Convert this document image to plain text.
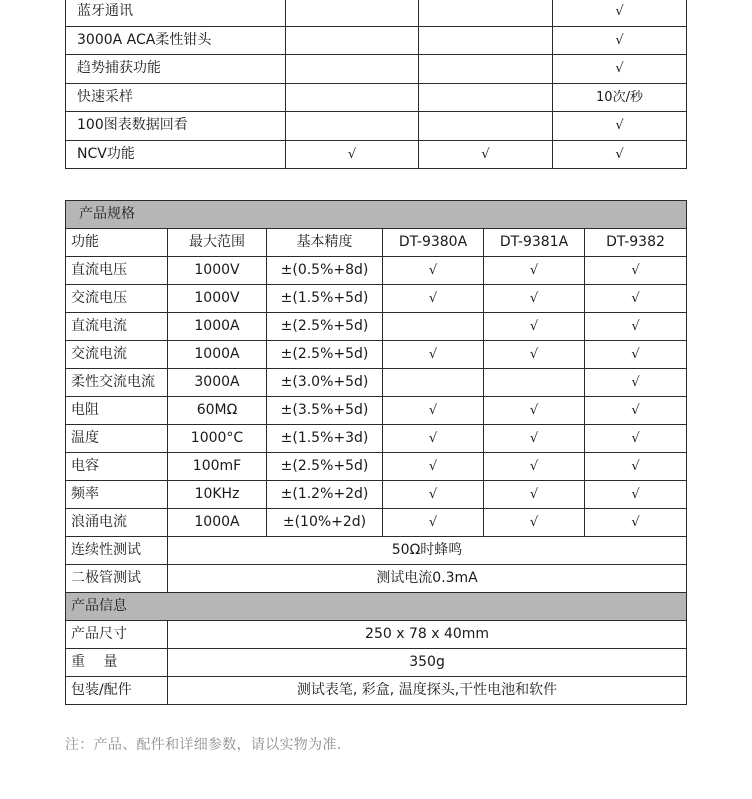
蓝牙通讯			√
3000A ACA柔性钳头			√
趋势捕获功能			√
快速采样			10次/秒
100图表数据回看			√
NCV功能	√	√	√
产品规格					
功能	最大范围	基本精度	DT-9380A	DT-9381A	DT-9382
直流电压	1000V	±(0.5%+8d)	√	√	√
交流电压	1000V	±(1.5%+5d)	√	√	√
直流电流	1000A	±(2.5%+5d)		√	√
交流电流	1000A	±(2.5%+5d)	√	√	√
柔性交流电流	3000A	±(3.0%+5d)			√
电阻	60MΩ	±(3.5%+5d)	√	√	√
温度	1000°C	±(1.5%+3d)	√	√	√
电容	100mF	±(2.5%+5d)	√	√	√
频率	10KHz	±(1.2%+2d)	√	√	√
浪涌电流	1000A	±(10%+2d)	√	√	√
连续性测试	50Ω时蜂鸣				
二极管测试	测试电流0.3mA				
产品信息					
产品尺寸	250 x 78 x 40mm				
重　 量	350g				
包装/配件	测试表笔, 彩盒, 温度探头,干性电池和软件				
注：产品、配件和详细参数，请以实物为准.
